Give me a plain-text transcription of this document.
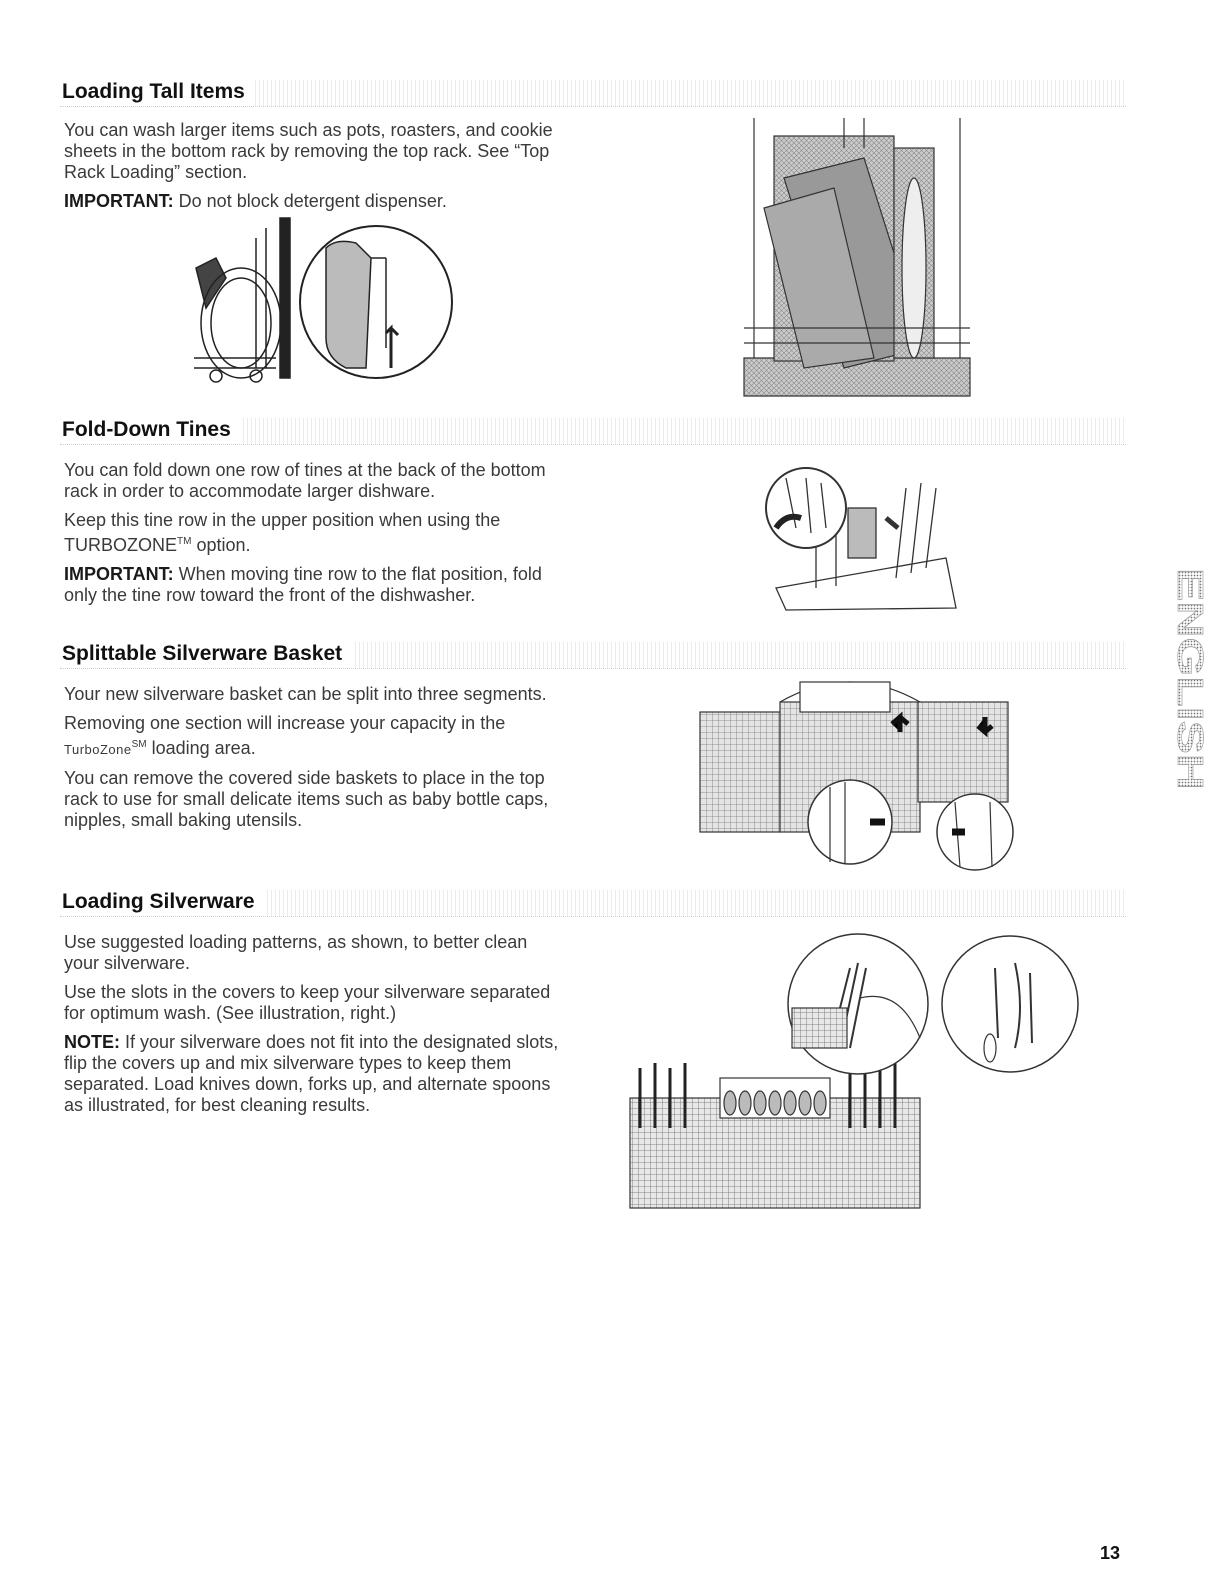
Loading Tall Items

You can wash larger items such as pots, roasters, and cookie sheets in the bottom rack by removing the top rack. See “Top Rack Loading” section.

IMPORTANT: Do not block detergent dispenser.

Fold-Down Tines

You can fold down one row of tines at the back of the bottom rack in order to accommodate larger dishware.

Keep this tine row in the upper position when using the TURBOZONE™ option.

IMPORTANT: When moving tine row to the flat position, fold only the tine row toward the front of the dishwasher.

Splittable Silverware Basket

Your new silverware basket can be split into three segments.

Removing one section will increase your capacity in the TurboZone℠ loading area.

You can remove the covered side baskets to place in the top rack to use for small delicate items such as baby bottle caps, nipples, small baking utensils.

Loading Silverware

Use suggested loading patterns, as shown, to better clean your silverware.

Use the slots in the covers to keep your silverware separated for optimum wash. (See illustration, right.)

NOTE: If your silverware does not fit into the designated slots, flip the covers up and mix silverware types to keep them separated. Load knives down, forks up, and alternate spoons as illustrated, for best cleaning results.

ENGLISH
13
